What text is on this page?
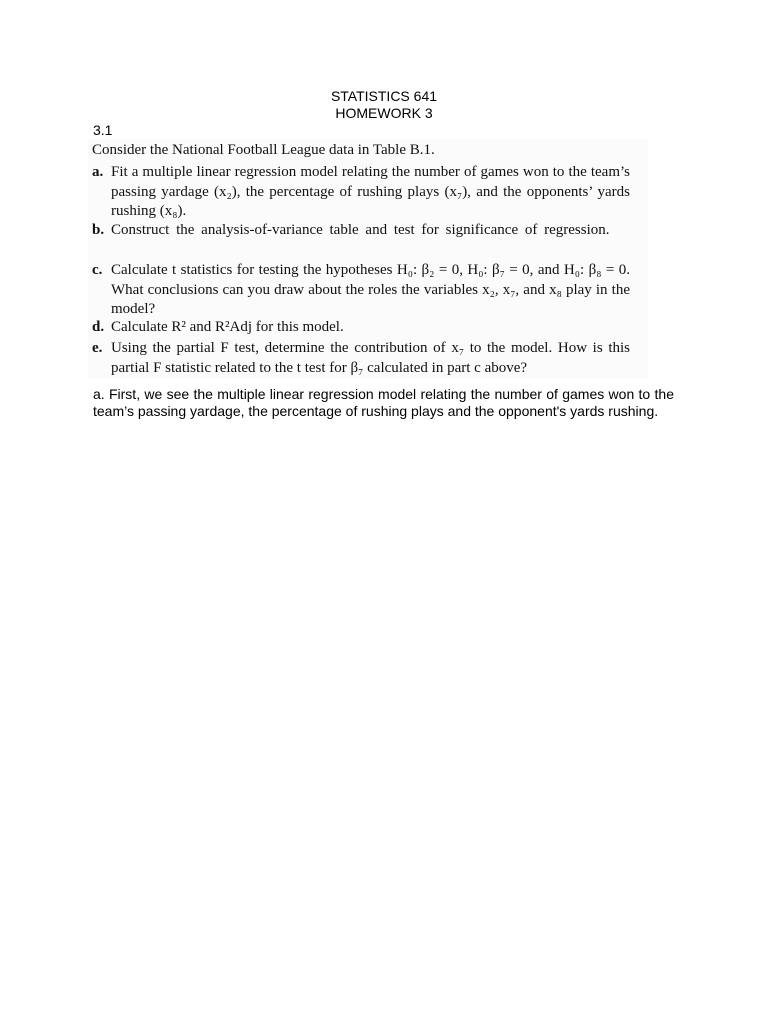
STATISTICS 641
HOMEWORK 3
3.1
Consider the National Football League data in Table B.1.
a. Fit a multiple linear regression model relating the number of games won to the team’s passing yardage (x₂), the percentage of rushing plays (x₇), and the opponents’ yards rushing (x₈).
b. Construct the analysis-of-variance table and test for significance of regression.
c. Calculate t statistics for testing the hypotheses H₀: β₂ = 0, H₀: β₇ = 0, and H₀: β₈ = 0. What conclusions can you draw about the roles the variables x₂, x₇, and x₈ play in the model?
d. Calculate R² and R²Adj for this model.
e. Using the partial F test, determine the contribution of x₇ to the model. How is this partial F statistic related to the t test for β₇ calculated in part c above?
a. First, we see the multiple linear regression model relating the number of games won to the team’s passing yardage, the percentage of rushing plays and the opponent's yards rushing.
